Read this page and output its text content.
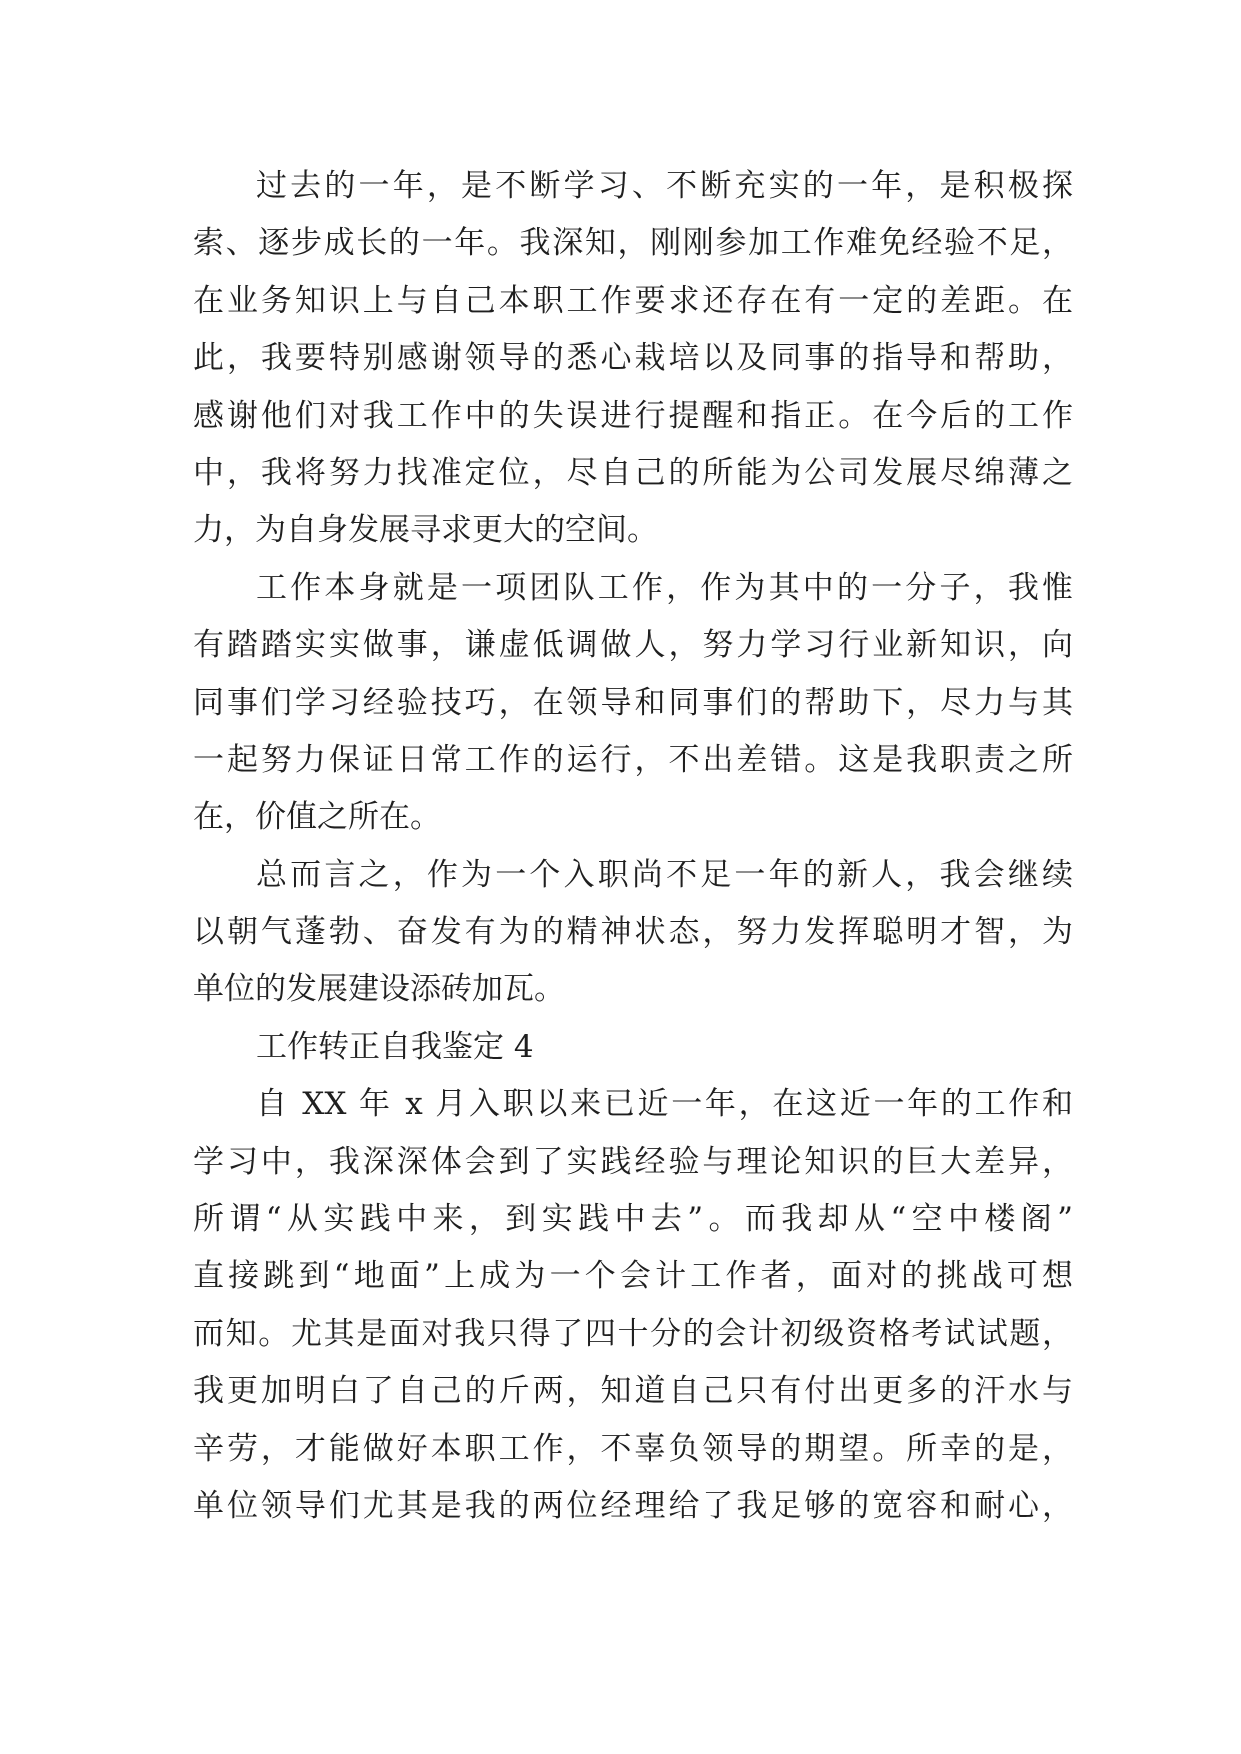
过去的一年，是不断学习、不断充实的一年，是积极探
索、逐步成长的一年。我深知，刚刚参加工作难免经验不足，
在业务知识上与自己本职工作要求还存在有一定的差距。在
此，我要特别感谢领导的悉心栽培以及同事的指导和帮助，
感谢他们对我工作中的失误进行提醒和指正。在今后的工作
中，我将努力找准定位，尽自己的所能为公司发展尽绵薄之
力，为自身发展寻求更大的空间。
工作本身就是一项团队工作，作为其中的一分子，我惟
有踏踏实实做事，谦虚低调做人，努力学习行业新知识，向
同事们学习经验技巧，在领导和同事们的帮助下，尽力与其
一起努力保证日常工作的运行，不出差错。这是我职责之所
在，价值之所在。
总而言之，作为一个入职尚不足一年的新人，我会继续
以朝气蓬勃、奋发有为的精神状态，努力发挥聪明才智，为
单位的发展建设添砖加瓦。
工作转正自我鉴定 4
自 XX 年 x 月入职以来已近一年，在这近一年的工作和
学习中，我深深体会到了实践经验与理论知识的巨大差异，
所谓“从实践中来，到实践中去”。而我却从“空中楼阁”
直接跳到“地面”上成为一个会计工作者，面对的挑战可想
而知。尤其是面对我只得了四十分的会计初级资格考试试题，
我更加明白了自己的斤两，知道自己只有付出更多的汗水与
辛劳，才能做好本职工作，不辜负领导的期望。所幸的是，
单位领导们尤其是我的两位经理给了我足够的宽容和耐心，
